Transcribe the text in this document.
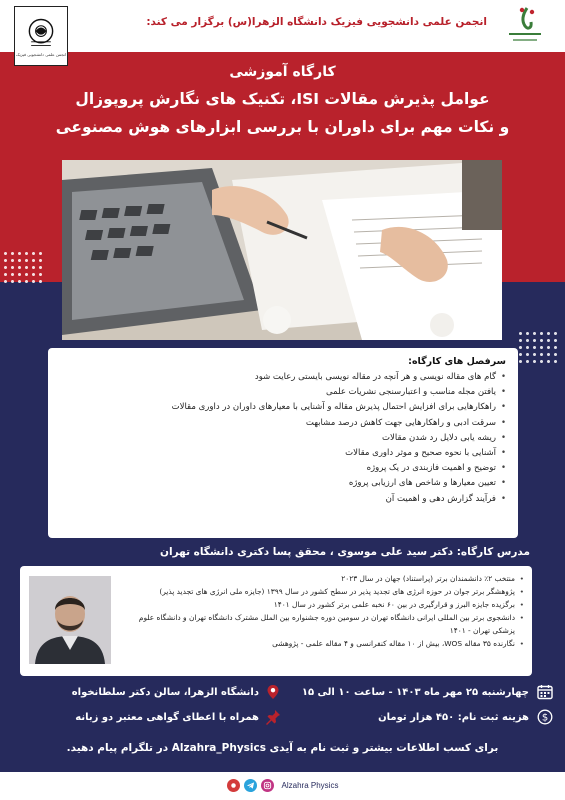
انجمن علمی دانشجویی فیزیک
انجمن علمی دانشجویی فیزیک دانشگاه الزهرا(س) برگزار می کند:
کارگاه آموزشی
عوامل پذیرش مقالات ISI، تکنیک های نگارش پروپوزال
و نکات مهم برای داوران با بررسی ابزارهای هوش مصنوعی
سرفصل های کارگاه:
• گام های مقاله نویسی و هر آنچه در مقاله نویسی بایستی رعایت شود
• یافتن مجله مناسب و اعتبارسنجی نشریات علمی
• راهکارهایی برای افزایش احتمال پذیرش مقاله و آشنایی با معیارهای داوران در داوری مقالات
• سرقت ادبی و راهکارهایی جهت کاهش درصد مشابهت
• ریشه یابی دلایل رد شدن مقالات
• آشنایی با نحوه صحیح و موثر داوری مقالات
• توضیح و اهمیت فازبندی در یک پروژه
• تعیین معیارها و شاخص های ارزیابی پروژه
• فرآیند گزارش دهی و اهمیت آن
مدرس کارگاه: دکتر سید علی موسوی ، محقق پسا دکتری دانشگاه تهران
• منتخب ۲٪ دانشمندان برتر (پراستناد) جهان در سال ۲۰۲۳
• پژوهشگر برتر جوان در حوزه انرژی های تجدید پذیر در سطح کشور در سال ۱۳۹۹ (جایزه ملی انرژی های تجدید پذیر)
• برگزیده جایزه البرز و قرارگیری در بین ۶۰ نخبه علمی برتر کشور در سال ۱۴۰۱
• دانشجوی برتر بین المللی ایرانی دانشگاه تهران در سومین دوره جشنواره بین الملل مشترک دانشگاه تهران و دانشگاه علوم پزشکی تهران - ۱۴۰۱
• نگارنده ۳۵ مقاله WOS، بیش از ۱۰ مقاله کنفرانسی و ۴ مقاله علمی - پژوهشی
چهارشنبه ۲۵ مهر ماه ۱۴۰۳ - ساعت ۱۰ الی ۱۵
دانشگاه الزهرا، سالن دکتر سلطانخواه
$
هزینه ثبت نام: ۴۵۰ هزار تومان
همراه با اعطای گواهی معتبر دو زبانه
برای کسب اطلاعات بیشتر و ثبت نام به آیدی Alzahra_Physics در تلگرام پیام دهید.
Alzahra Physics
